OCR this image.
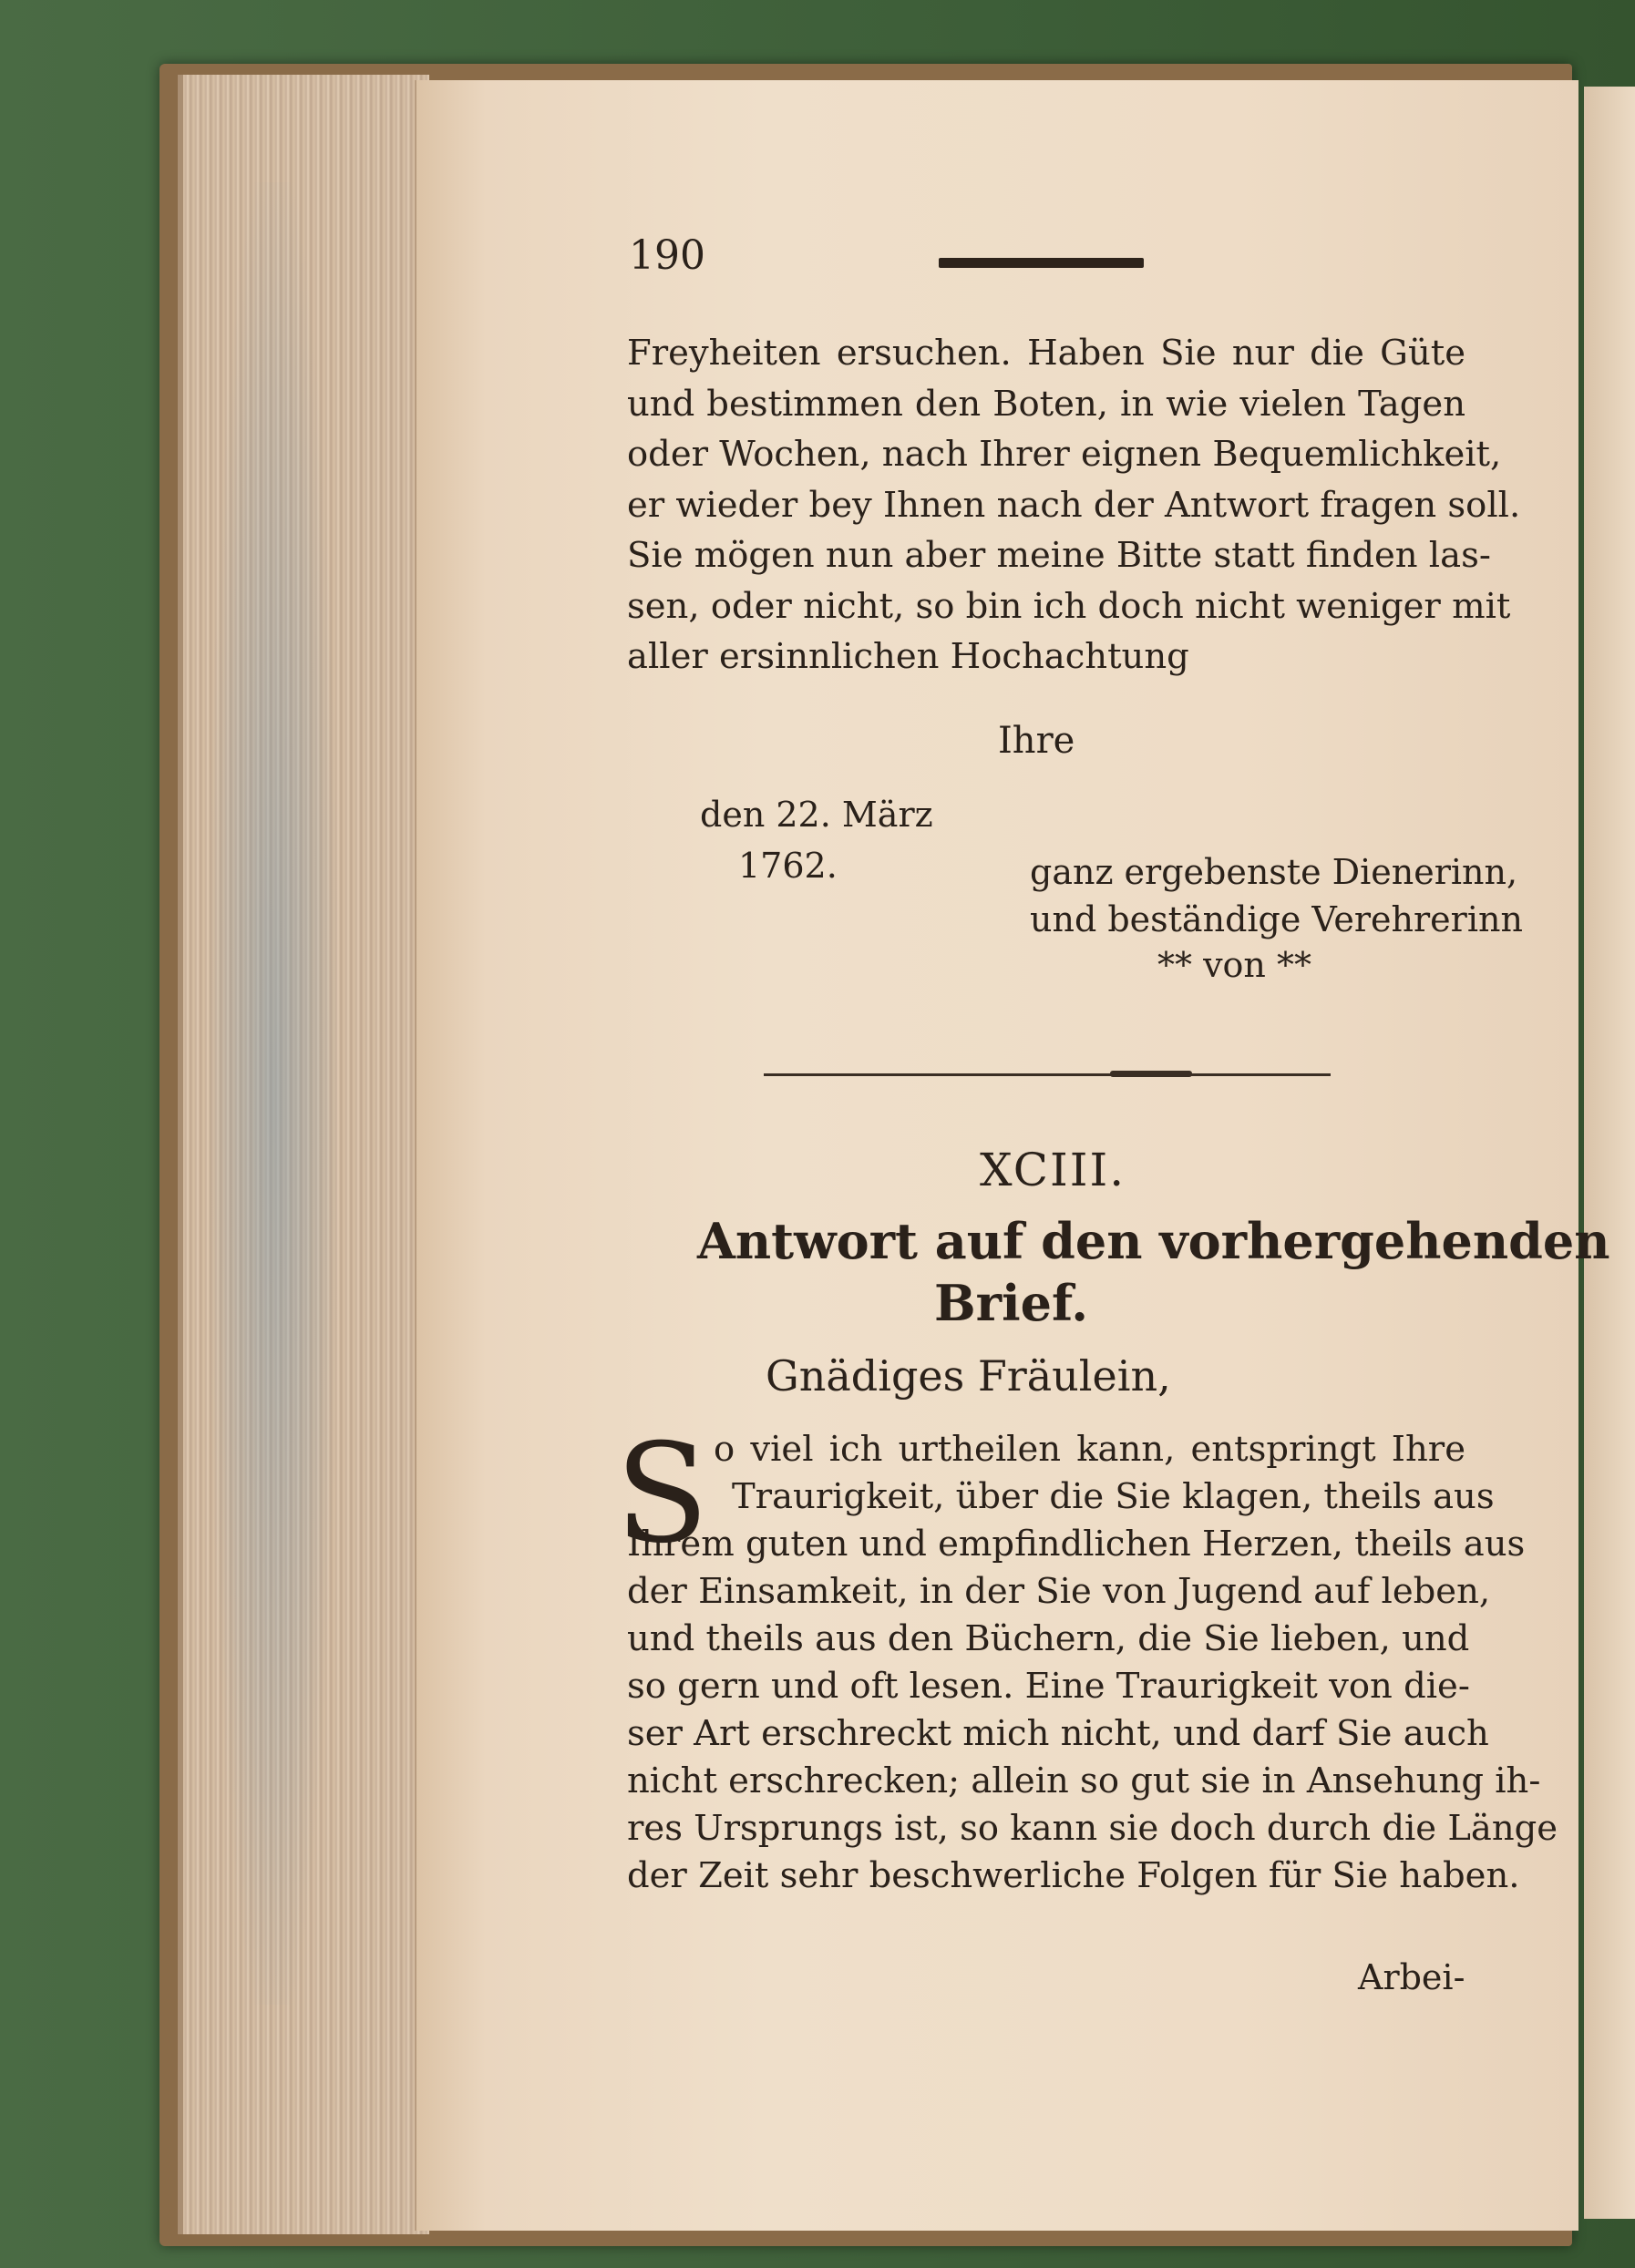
190
Freyheiten ersuchen. Haben Sie nur die Güte
und bestimmen den Boten, in wie vielen Tagen
oder Wochen, nach Ihrer eignen Bequemlichkeit,
er wieder bey Ihnen nach der Antwort fragen soll.
Sie mögen nun aber meine Bitte statt finden las-
sen, oder nicht, so bin ich doch nicht weniger mit
aller ersinnlichen Hochachtung
Ihre
den 22. März
1762.	ganz ergebenste Dienerinn,
und beständige Verehrerinn
** von **
XCIII.
Antwort auf den vorhergehenden
Brief.
Gnädiges Fräulein,
S o viel ich urtheilen kann, entspringt Ihre
Traurigkeit, über die Sie klagen, theils aus
Ihrem guten und empfindlichen Herzen, theils aus
der Einsamkeit, in der Sie von Jugend auf leben,
und theils aus den Büchern, die Sie lieben, und
so gern und oft lesen. Eine Traurigkeit von die-
ser Art erschreckt mich nicht, und darf Sie auch
nicht erschrecken; allein so gut sie in Ansehung ih-
res Ursprungs ist, so kann sie doch durch die Länge
der Zeit sehr beschwerliche Folgen für Sie haben.
Arbei-
